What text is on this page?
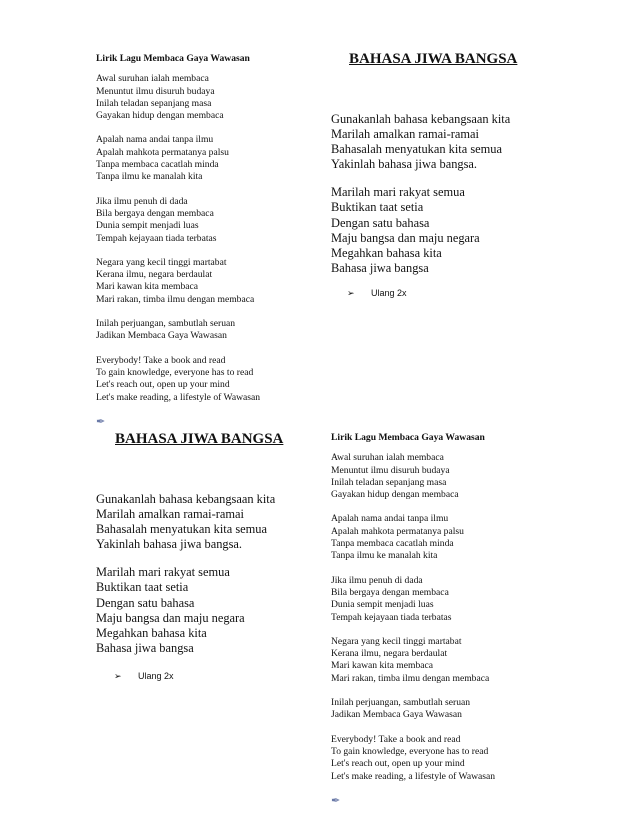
Lirik Lagu Membaca Gaya Wawasan
Awal suruhan ialah membaca
Menuntut ilmu disuruh budaya
Inilah teladan sepanjang masa
Gayakan hidup dengan membaca
Apalah nama andai tanpa ilmu
Apalah mahkota permatanya palsu
Tanpa membaca cacatlah minda
Tanpa ilmu ke manalah kita
Jika ilmu penuh di dada
Bila bergaya dengan membaca
Dunia sempit menjadi luas
Tempah kejayaan tiada terbatas
Negara yang kecil tinggi martabat
Kerana ilmu, negara berdaulat
Mari kawan kita membaca
Mari rakan, timba ilmu dengan membaca
Inilah perjuangan, sambutlah seruan
Jadikan Membaca Gaya Wawasan
Everybody! Take a book and read
To gain knowledge, everyone has to read
Let's reach out, open up your mind
Let's make reading, a lifestyle of Wawasan
✒
BAHASA JIWA BANGSA
Gunakanlah bahasa kebangsaan kita
Marilah amalkan ramai-ramai
Bahasalah menyatukan kita semua
Yakinlah bahasa jiwa bangsa.
Marilah mari rakyat semua
Buktikan taat setia
Dengan satu bahasa
Maju bangsa dan maju negara
Megahkan bahasa kita
Bahasa jiwa bangsa
➢	Ulang 2x
BAHASA JIWA BANGSA
Gunakanlah bahasa kebangsaan kita
Marilah amalkan ramai-ramai
Bahasalah menyatukan kita semua
Yakinlah bahasa jiwa bangsa.
Marilah mari rakyat semua
Buktikan taat setia
Dengan satu bahasa
Maju bangsa dan maju negara
Megahkan bahasa kita
Bahasa jiwa bangsa
➢	Ulang 2x
Lirik Lagu Membaca Gaya Wawasan
Awal suruhan ialah membaca
Menuntut ilmu disuruh budaya
Inilah teladan sepanjang masa
Gayakan hidup dengan membaca
Apalah nama andai tanpa ilmu
Apalah mahkota permatanya palsu
Tanpa membaca cacatlah minda
Tanpa ilmu ke manalah kita
Jika ilmu penuh di dada
Bila bergaya dengan membaca
Dunia sempit menjadi luas
Tempah kejayaan tiada terbatas
Negara yang kecil tinggi martabat
Kerana ilmu, negara berdaulat
Mari kawan kita membaca
Mari rakan, timba ilmu dengan membaca
Inilah perjuangan, sambutlah seruan
Jadikan Membaca Gaya Wawasan
Everybody! Take a book and read
To gain knowledge, everyone has to read
Let's reach out, open up your mind
Let's make reading, a lifestyle of Wawasan
✒
